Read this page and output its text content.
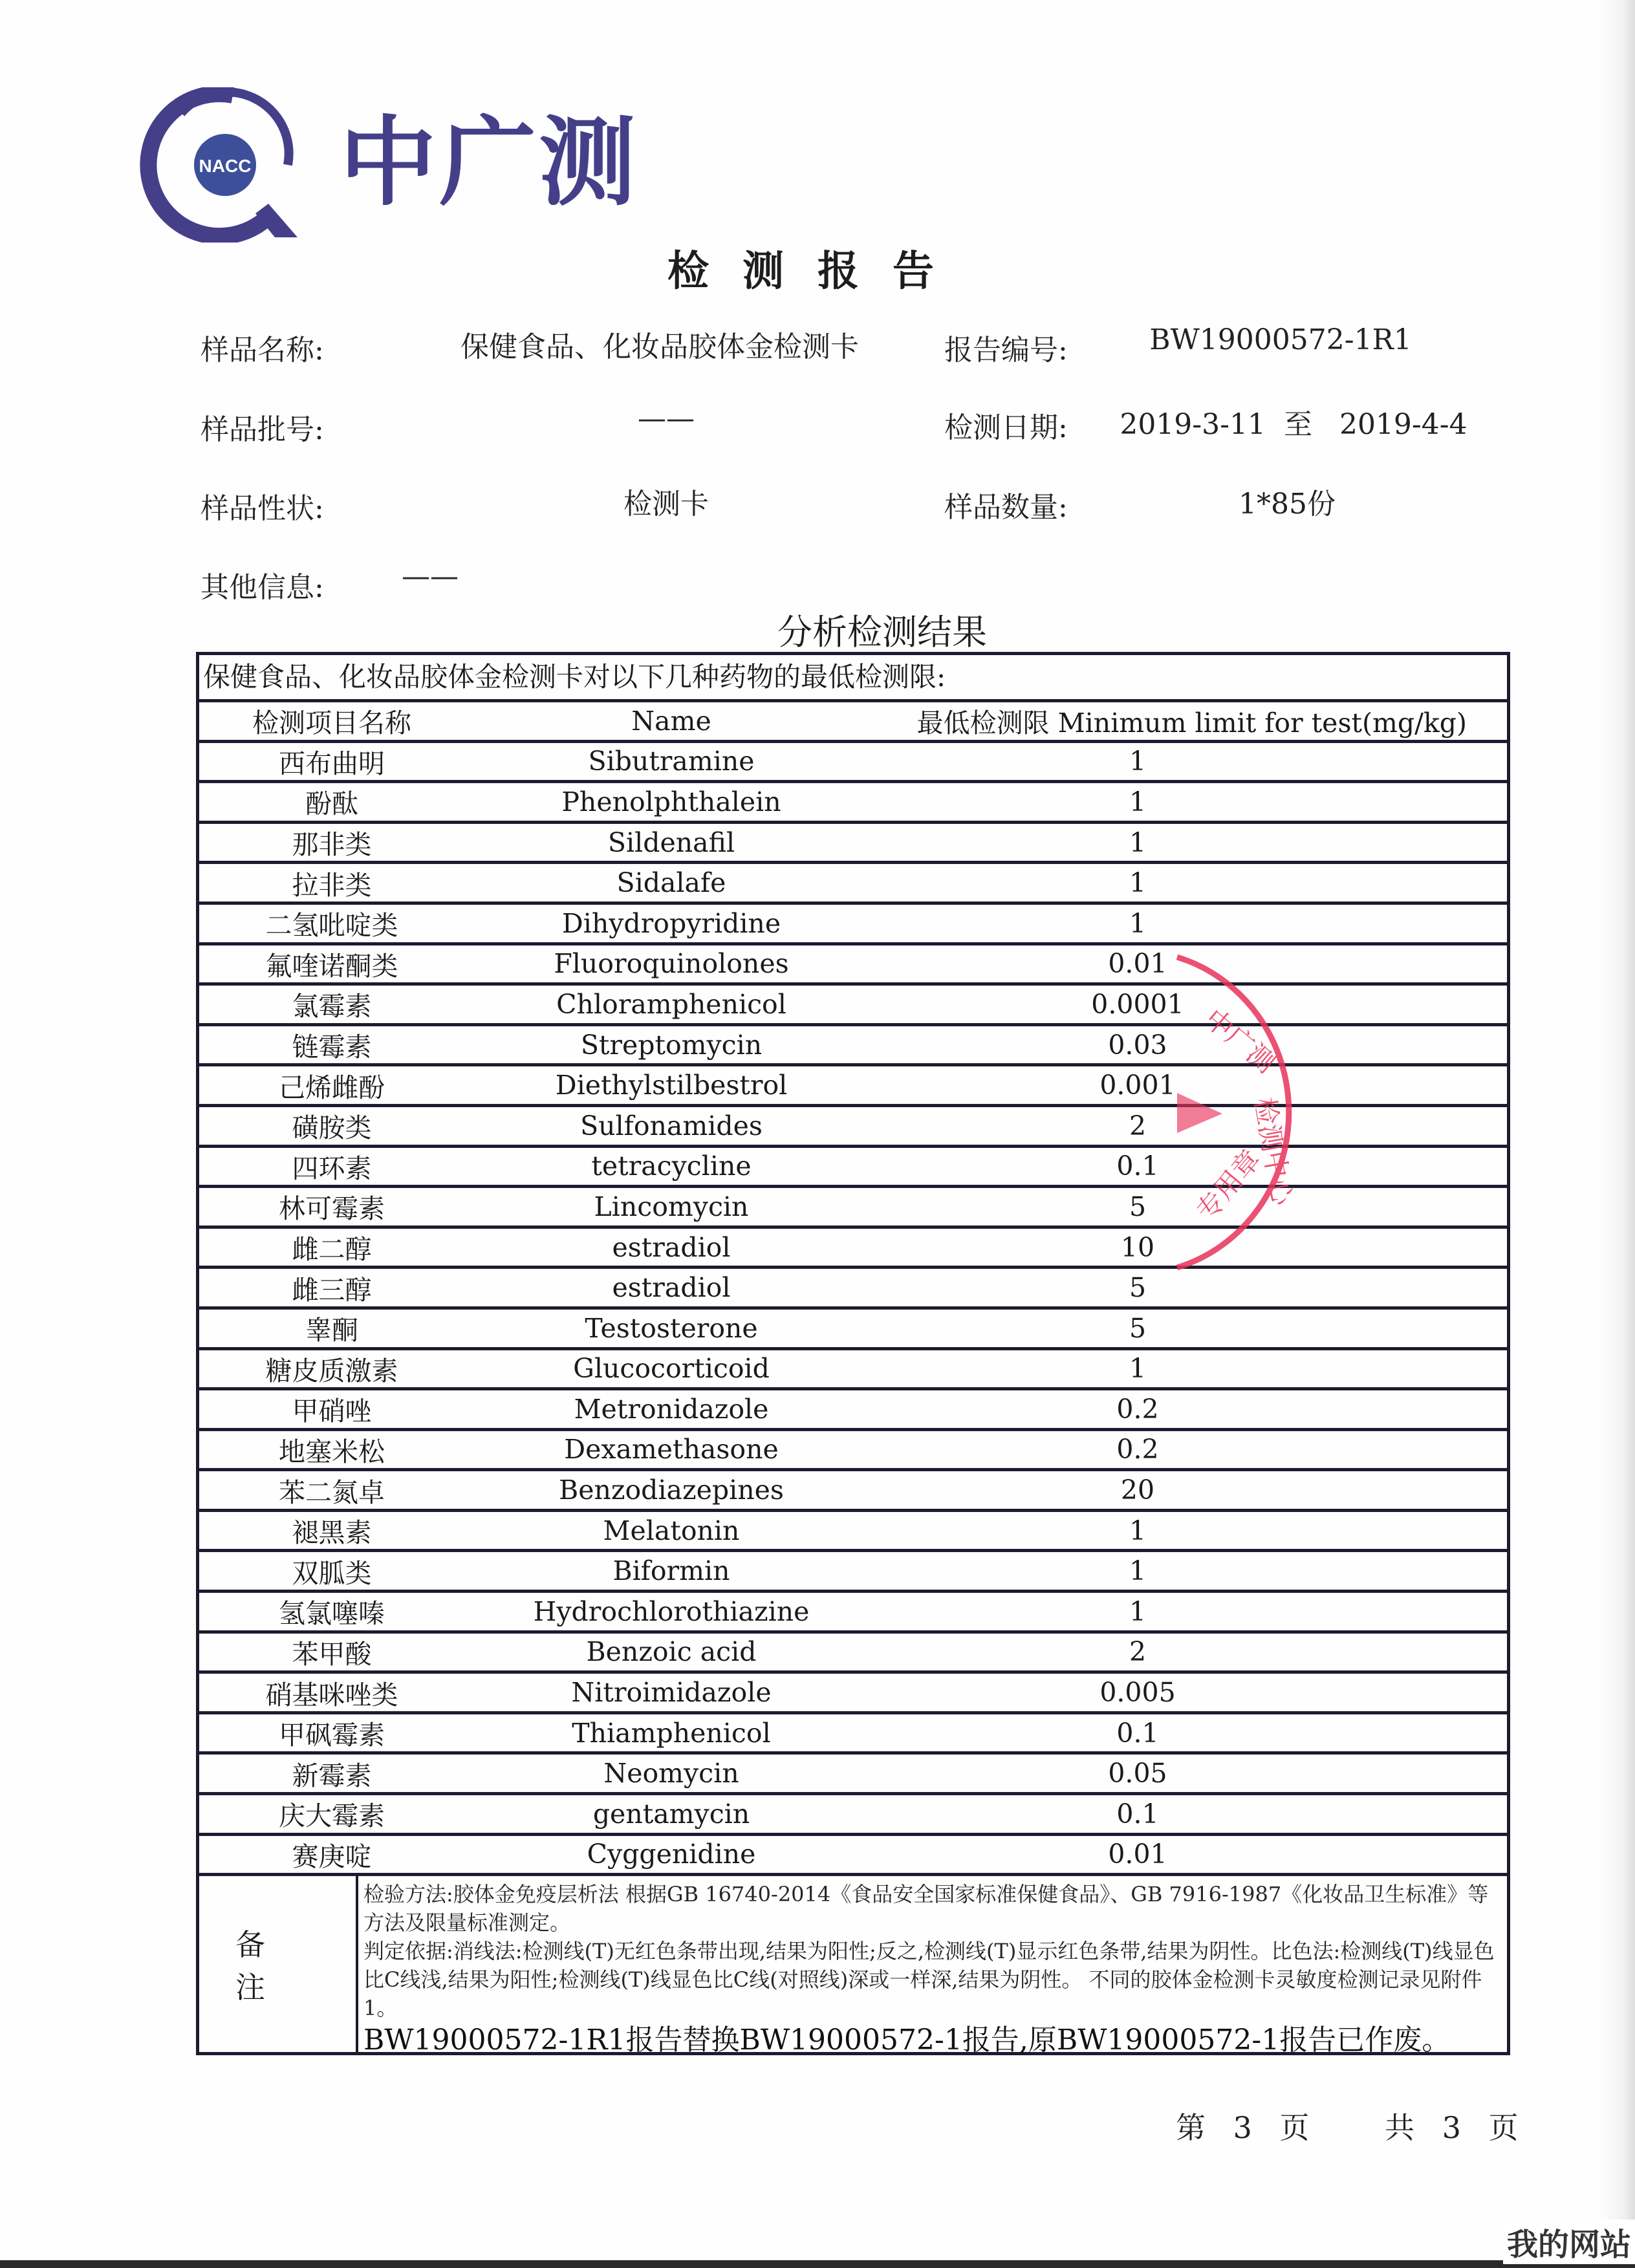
NACC 中广测
检测报告
样品名称:	保健食品、化妆品胶体金检测卡	报告编号:	BW19000572-1R1
样品批号:	——	检测日期: 2019-3-11  至   2019-4-4
样品性状:	检测卡	样品数量:	1*85份
其他信息:	——
分析检测结果
保健食品、化妆品胶体金检测卡对以下几种药物的最低检测限:
检测项目名称	Name	最低检测限 Minimum limit for test(mg/kg)
西布曲明	Sibutramine	1
酚酞	Phenolphthalein	1
那非类	Sildenafil	1
拉非类	Sidalafe	1
二氢吡啶类	Dihydropyridine	1
氟喹诺酮类	Fluoroquinolones	0.01
氯霉素	Chloramphenicol	0.0001
链霉素	Streptomycin	0.03
己烯雌酚	Diethylstilbestrol	0.001
磺胺类	Sulfonamides	2
四环素	tetracycline	0.1
林可霉素	Lincomycin	5
雌二醇	estradiol	10
雌三醇	estradiol	5
睾酮	Testosterone	5
糖皮质激素	Glucocorticoid	1
甲硝唑	Metronidazole	0.2
地塞米松	Dexamethasone	0.2
苯二氮卓	Benzodiazepines	20
褪黑素	Melatonin	1
双胍类	Biformin	1
氢氯噻嗪	Hydrochlorothiazine	1
苯甲酸	Benzoic acid	2
硝基咪唑类	Nitroimidazole	0.005
甲砜霉素	Thiamphenicol	0.1
新霉素	Neomycin	0.05
庆大霉素	gentamycin	0.1
赛庚啶	Cyggenidine	0.01
备注
检验方法:胶体金免疫层析法 根据GB 16740-2014《食品安全国家标准保健食品》、GB 7916-1987《化妆品卫生标准》等方法及限量标准测定。
判定依据:消线法:检测线(T)无红色条带出现,结果为阳性;反之,检测线(T)显示红色条带,结果为阴性。比色法:检测线(T)线显色比C线浅,结果为阳性;检测线(T)线显色比C线(对照线)深或一样深,结果为阴性。 不同的胶体金检测卡灵敏度检测记录见附件1。
BW19000572-1R1报告替换BW19000572-1报告,原BW19000572-1报告已作废。
中广测
检测中心
专用章
第 3 页 共 3 页
我的网站
